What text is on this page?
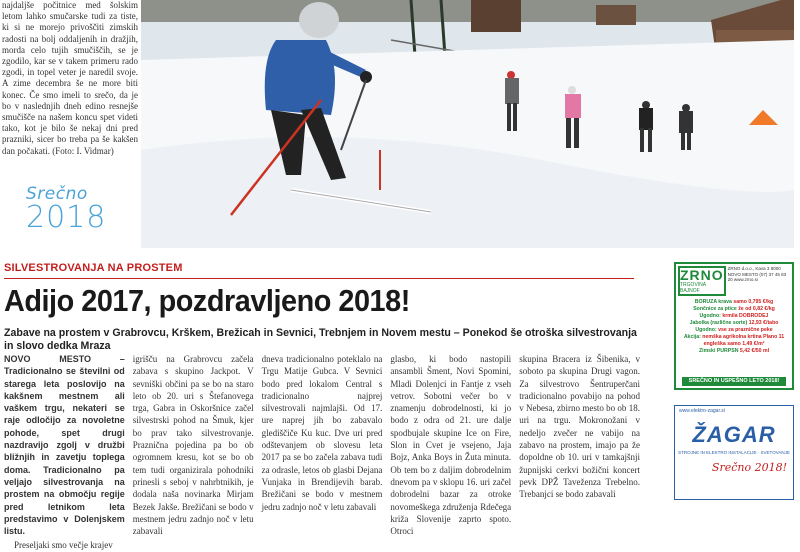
najdaljše počitnice med šolskim letom lahko smučarske tudi za tiste, ki si ne morejo privoščiti zimskih radosti na bolj oddaljenih in dražjih, morda celo tujih smučiščih, se je zgodilo, kar se v takem primeru rado zgodi, in topel veter je naredil svoje. A zime decembra še ne more biti konec. Če smo imeli to srečo, da je bo v naslednjih dneh edino resnejše smučišče na našem koncu spet videti tako, kot je bilo še nekaj dni pred prazniki, sicer bo treba pa še kakšen dan počakati. (Foto: I. Vidmar)
Srečno
2018
SILVESTROVANJA NA PROSTEM
Adijo 2017, pozdravljeno 2018!
Zabave na prostem v Grabrovcu, Krškem, Brežicah in Sevnici, Trebnjem in Novem mestu – Ponekod še otroška silvestrovanja in slovo dedka Mraza
NOVO MESTO – Tradicionalno se številni od starega leta poslovijo na kakšnem mestnem ali vaškem trgu, nekateri se raje odločijo za novoletne pohode, spet drugi nazdravijo zgolj v družbi bližnjih in zavetju toplega doma. Tradicionalno pa veljajo silvestrovanja na prostem na območju regije pred letnikom leta predstavimo v Dolenjskem listu.
Preseljaki smo večje krajev
igrišču na Grabrovcu začela zabava s skupino Jackpot. V sevniški občini pa se bo na staro leto ob 20. uri s Štefanovega trga, Gabra in Oskoršnice začel silvestrski pohod na Šmuk, kjer bo prav tako silvestrovanje. Praznična pojedina pa bo ob ogromnem kresu, kot se bo ob tem tudi organizirala pohodniki prinesli s seboj v nahrbtnikih, je dodala naša novinarka Mirjam Bezek Jakše. Brežičani se bodo v mestnem jedru zadnjo noč v letu zabavali
dneva tradicionalno poteklalo na Trgu Matije Gubca. V Sevnici bodo pred lokalom Central s tradicionalno najprej silvestrovali najmlajši. Od 17. ure naprej jih bo zabavalo glediščiče Ku kuc. Dve uri pred odštevanjem ob slovesu leta 2017 pa se bo začela zabava tudi za odrasle, letos ob glasbi Dejana Vunjaka in Brendijevih barab. Brežičani se bodo v mestnem jedru zadnjo noč v letu zabavali
glasbo, ki bodo nastopili ansambli Šment, Novi Spomini, Mladi Dolenjci in Fantje z vseh vetrov. Sobotni večer bo v znamenju dobrodelnosti, ki jo bodo z odra od 21. ure dalje spodbujale skupine Ice on Fire, Slon in Cvet je vsejeno, Jaja Bojz, Anka Boys in Žuta minuta. Ob tem bo z daljim dobrodelnim dnevom pa v sklopu 16. uri začel dobrodelni bazar za otroke novomeškega združenja Rdečega križa Slovenije zaprto spoto. Otroci
skupina Bracera iz Šibenika, v soboto pa skupina Drugi vagon. Za silvestrovo Šentruperčani tradicionalno povabijo na pohod v Nebesa, zbirno mesto bo ob 18. uri na trgu. Mokronožani v nedeljo zvečer ne vabijo na zabavo na prostem, imajo pa že dopoldne ob 10. uri v tamkajšnji župnijski cerkvi božični koncert pevk DPŽ Taveženza Trebelno. Trebanjci se bodo zabavali
ZRNO
TRGOVINA BAJNOF
ZRNO d.o.o., Kava 3 8000 NOVO MESTO (07) 37 45 83 20 www.zrno.si
BORUZA krava samo 0,795 €/kg
Sončnice za ptice že od 0,82 €/kg
Ugodno: krmila DOBRODEJ
Jabolka (različne sorte) 12,93 €/tabo
Ugodno: vse za praznične peke
Akcija: nemška agrikolna krtina Plano 11 engleška samo 1,49 €/m²
Zimski PURPSN 5,42 €/50 ml
SREČNO IN USPEŠNO LETO 2018!
www.elektro-zagar.si
ŽAGAR
STROJNE IN ELEKTRO INSTALACIJE · SVETOVANJE
Srečno 2018!
